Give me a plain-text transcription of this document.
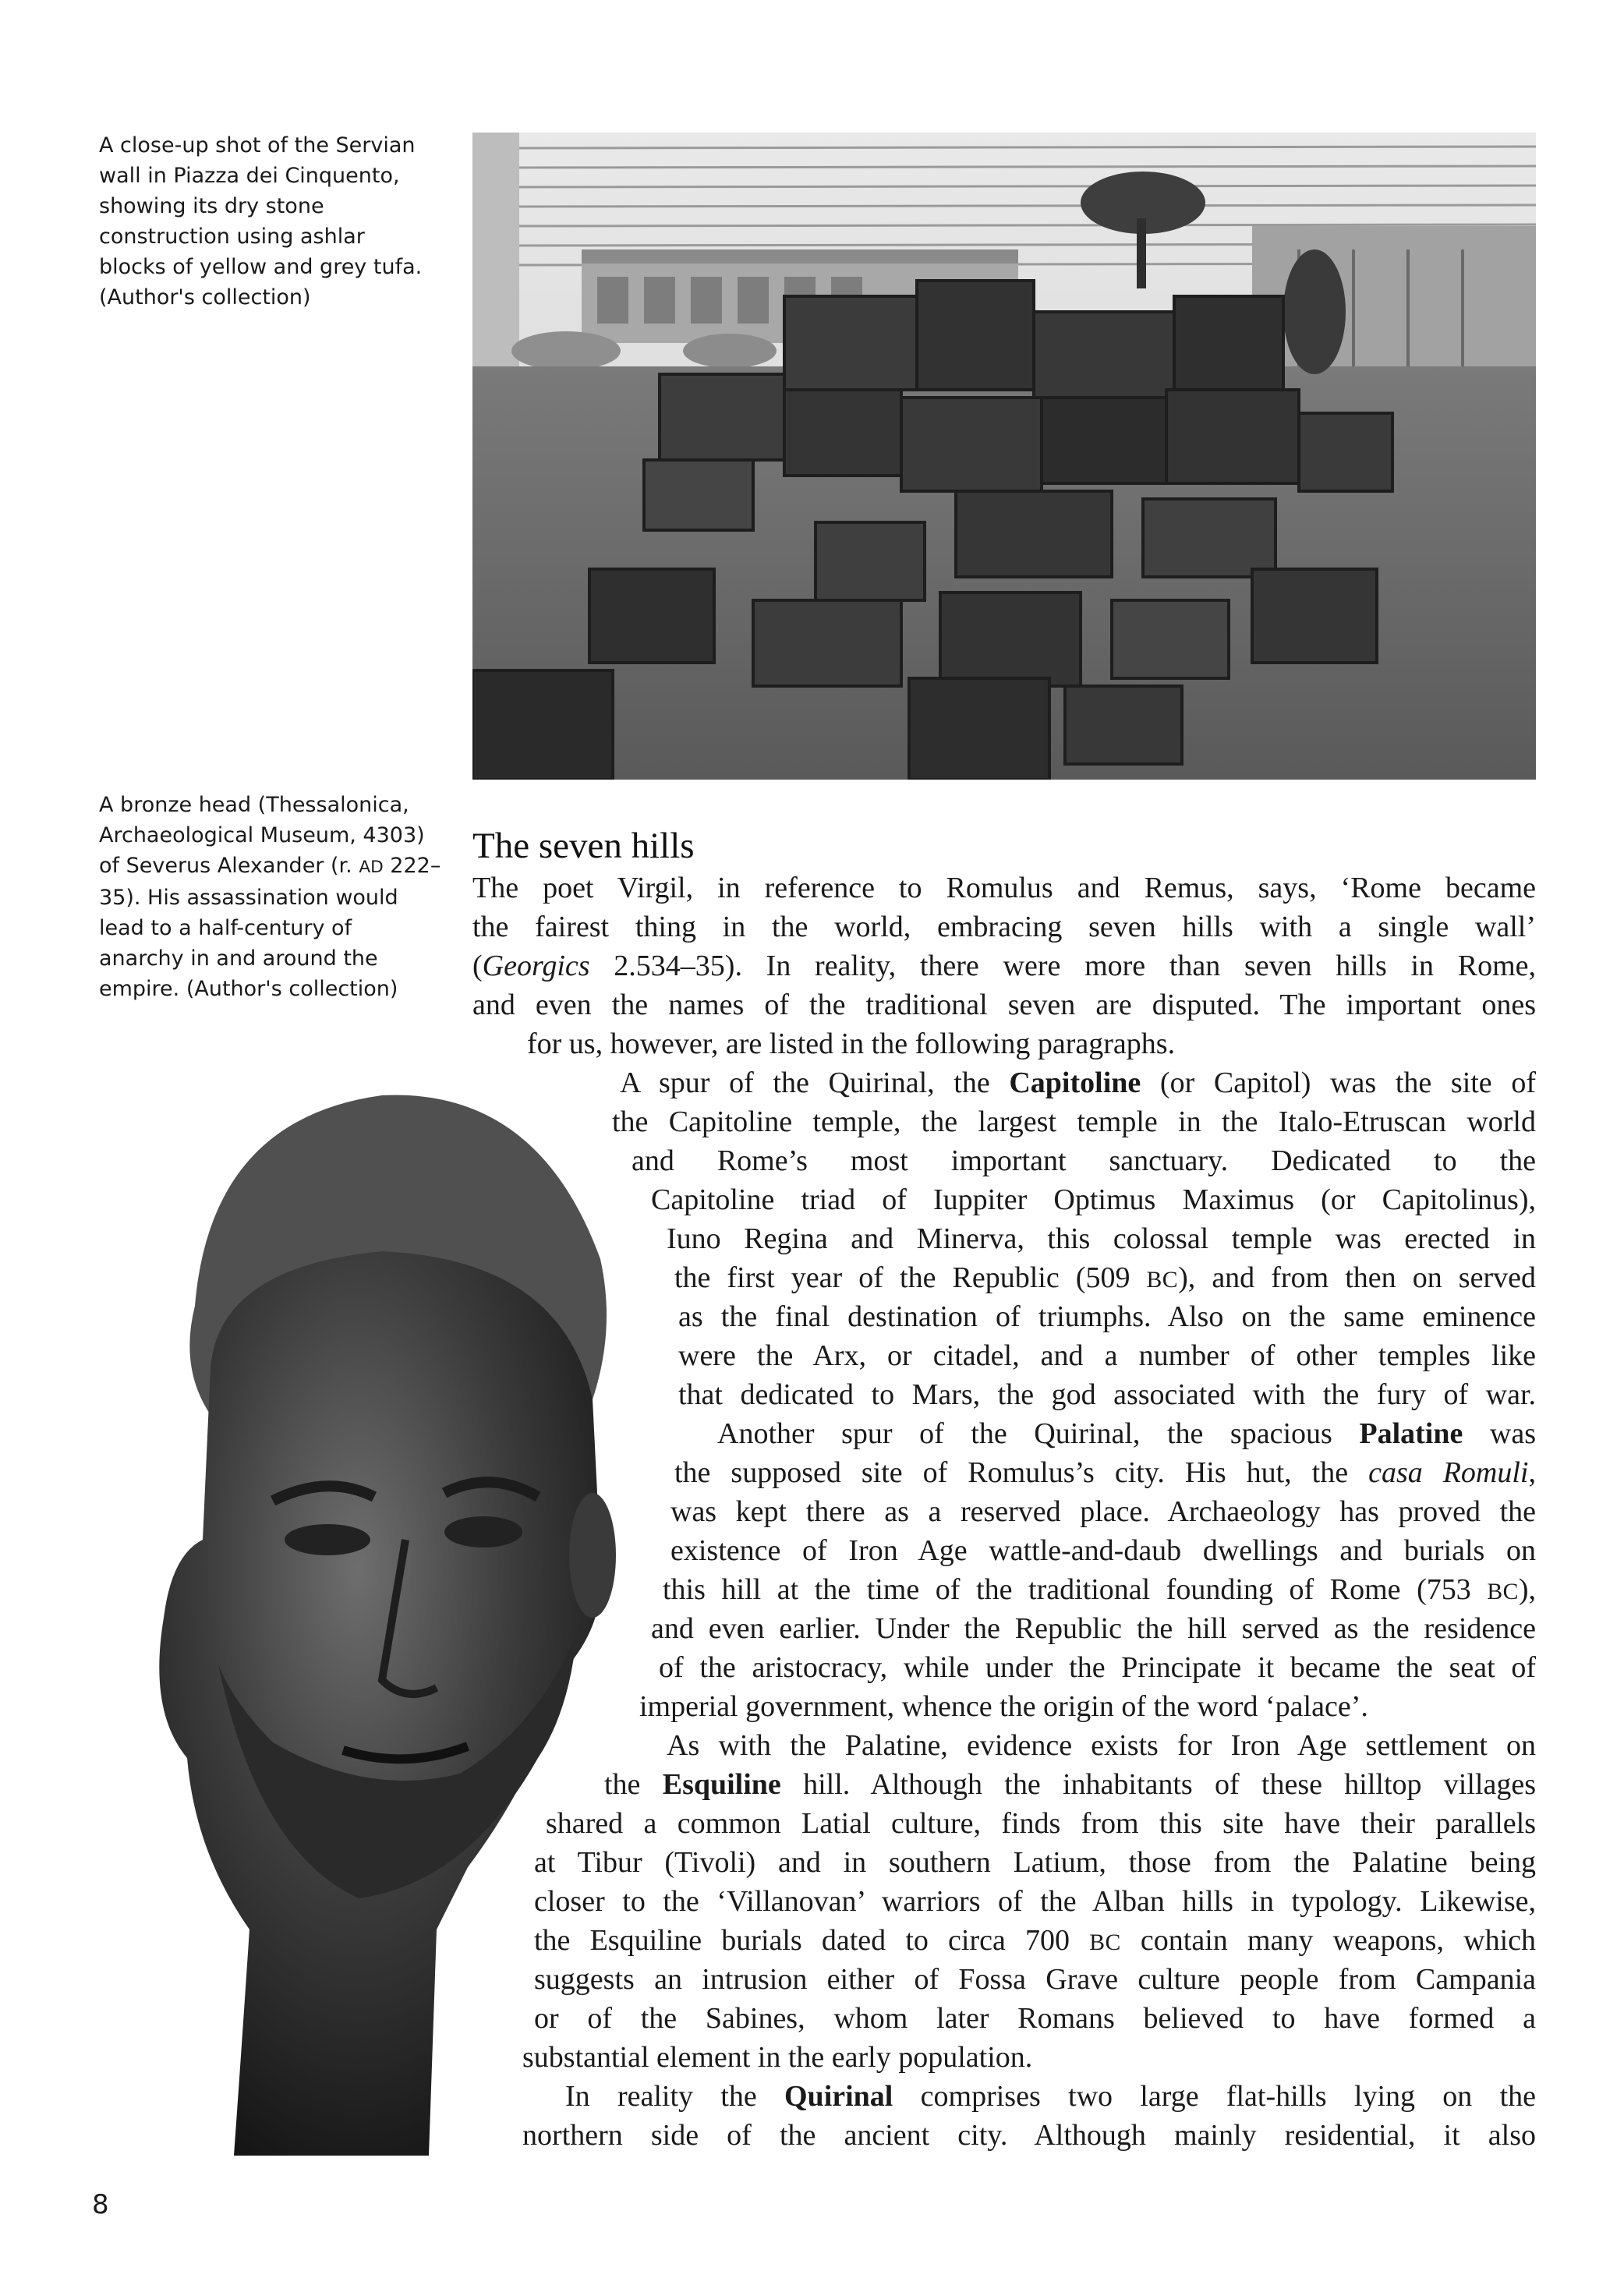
A close-up shot of the Servian wall in Piazza dei Cinquento, showing its dry stone construction using ashlar blocks of yellow and grey tufa. (Author's collection)
A bronze head (Thessalonica, Archaeological Museum, 4303) of Severus Alexander (r. AD 222–35). His assassination would lead to a half-century of anarchy in and around the empire. (Author's collection)
The seven hills
The poet Virgil, in reference to Romulus and Remus, says, ‘Rome became
the fairest thing in the world, embracing seven hills with a single wall’
(Georgics 2.534–35). In reality, there were more than seven hills in Rome,
and even the names of the traditional seven are disputed. The important ones
for us, however, are listed in the following paragraphs.
A spur of the Quirinal, the Capitoline (or Capitol) was the site of
the Capitoline temple, the largest temple in the Italo-Etruscan world
and Rome’s most important sanctuary. Dedicated to the
Capitoline triad of Iuppiter Optimus Maximus (or Capitolinus),
Iuno Regina and Minerva, this colossal temple was erected in
the first year of the Republic (509 BC), and from then on served
as the final destination of triumphs. Also on the same eminence
were the Arx, or citadel, and a number of other temples like
that dedicated to Mars, the god associated with the fury of war.
Another spur of the Quirinal, the spacious Palatine was
the supposed site of Romulus’s city. His hut, the casa Romuli,
was kept there as a reserved place. Archaeology has proved the
existence of Iron Age wattle-and-daub dwellings and burials on
this hill at the time of the traditional founding of Rome (753 BC),
and even earlier. Under the Republic the hill served as the residence
of the aristocracy, while under the Principate it became the seat of
imperial government, whence the origin of the word ‘palace’.
As with the Palatine, evidence exists for Iron Age settlement on
the Esquiline hill. Although the inhabitants of these hilltop villages
shared a common Latial culture, finds from this site have their parallels
at Tibur (Tivoli) and in southern Latium, those from the Palatine being
closer to the ‘Villanovan’ warriors of the Alban hills in typology. Likewise,
the Esquiline burials dated to circa 700 BC contain many weapons, which
suggests an intrusion either of Fossa Grave culture people from Campania
or of the Sabines, whom later Romans believed to have formed a
substantial element in the early population.
In reality the Quirinal comprises two large flat-hills lying on the
northern side of the ancient city. Although mainly residential, it also
8
